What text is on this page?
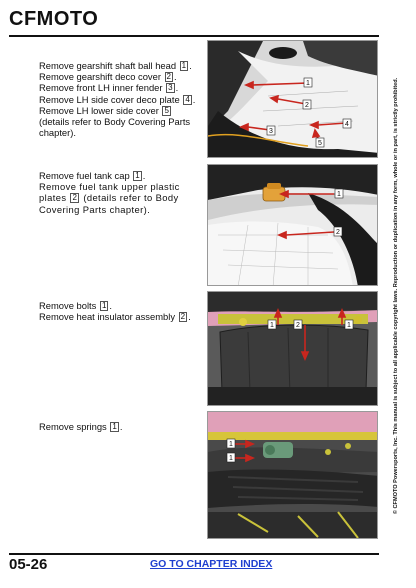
CFMOTO
Remove gearshift shaft ball head 1 .
Remove gearshift deco cover 2 .
Remove front LH inner fender 3 .
Remove LH side cover deco plate 4 .
Remove LH lower side cover 5 (details refer to Body Covering Parts chapter).
1
2
3
4
5
Remove fuel tank cap 1 .
Remove fuel tank upper plastic plates 2 (details refer to Body Covering Parts chapter).
1
2
Remove bolts 1 .
Remove heat insulator assembly 2 .
1	2	1
Remove springs 1 .
1
1	© CFMOTO Powersports, Inc. This manual is subject to all applicable copyright laws. Reproduction or duplication in any form, whole or in part, is strictly prohibited.
05-26	GO TO CHAPTER INDEX
